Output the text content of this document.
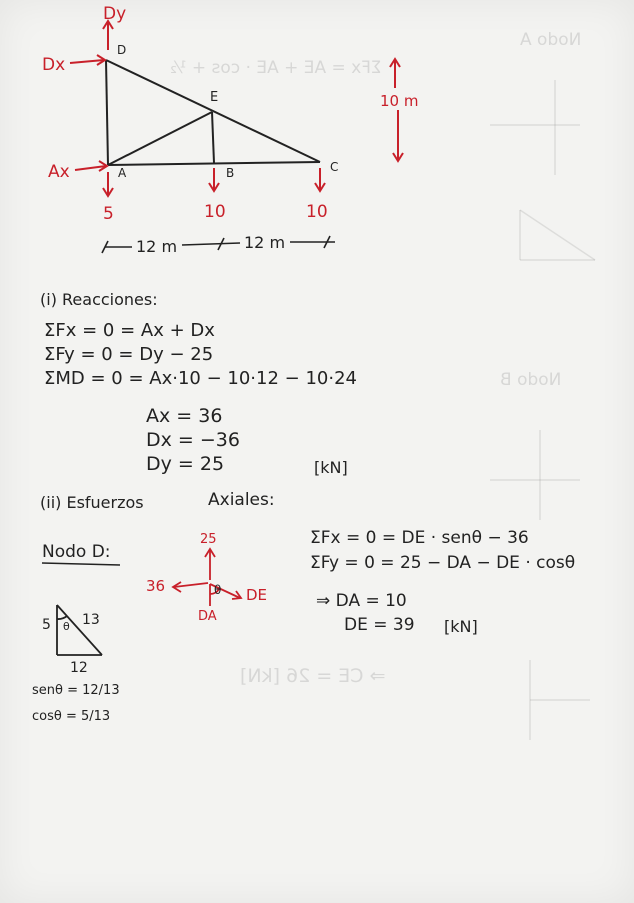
ΣFx = AE + AE · cos + ½
Nodo A
Nodo B
⇒ CE = 26 [kN]
Dy
D
Dx
E
Ax	A	B	C
10 m
5	10	10
12 m	12 m
(i) Reacciones:
ΣFx = 0 = Ax + Dx
ΣFy = 0 = Dy − 25
ΣMD = 0 = Ax·10 − 10·12 − 10·24
Ax = 36
Dx = −36
Dy = 25	[kN]
(ii) Esfuerzos	Axiales:
Nodo D:
25
36	θ DE
DA
ΣFx = 0 = DE · senθ − 36
ΣFy = 0 = 25 − DA − DE · cosθ
⇒ DA = 10
DE = 39 [kN]
5 θ 13
12
senθ = 12/13
cosθ = 5/13
